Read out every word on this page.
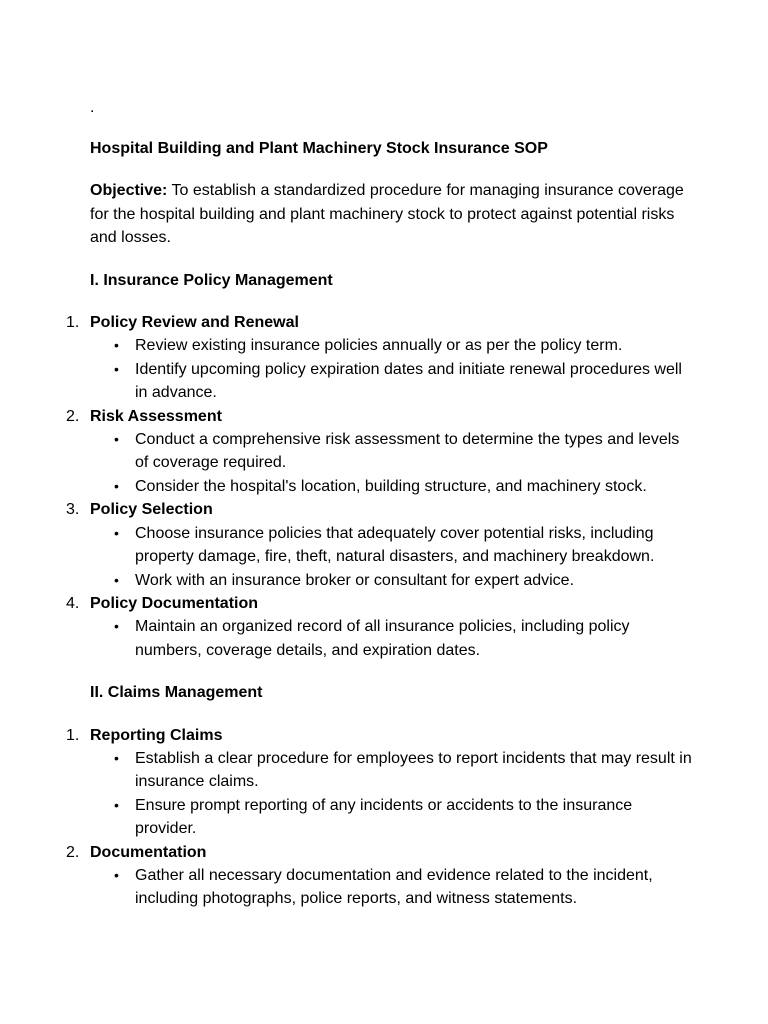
.
Hospital Building and Plant Machinery Stock Insurance SOP
Objective: To establish a standardized procedure for managing insurance coverage for the hospital building and plant machinery stock to protect against potential risks and losses.
I. Insurance Policy Management
1. Policy Review and Renewal
• Review existing insurance policies annually or as per the policy term.
• Identify upcoming policy expiration dates and initiate renewal procedures well in advance.
2. Risk Assessment
• Conduct a comprehensive risk assessment to determine the types and levels of coverage required.
• Consider the hospital's location, building structure, and machinery stock.
3. Policy Selection
• Choose insurance policies that adequately cover potential risks, including property damage, fire, theft, natural disasters, and machinery breakdown.
• Work with an insurance broker or consultant for expert advice.
4. Policy Documentation
• Maintain an organized record of all insurance policies, including policy numbers, coverage details, and expiration dates.
II. Claims Management
1. Reporting Claims
• Establish a clear procedure for employees to report incidents that may result in insurance claims.
• Ensure prompt reporting of any incidents or accidents to the insurance provider.
2. Documentation
• Gather all necessary documentation and evidence related to the incident, including photographs, police reports, and witness statements.
